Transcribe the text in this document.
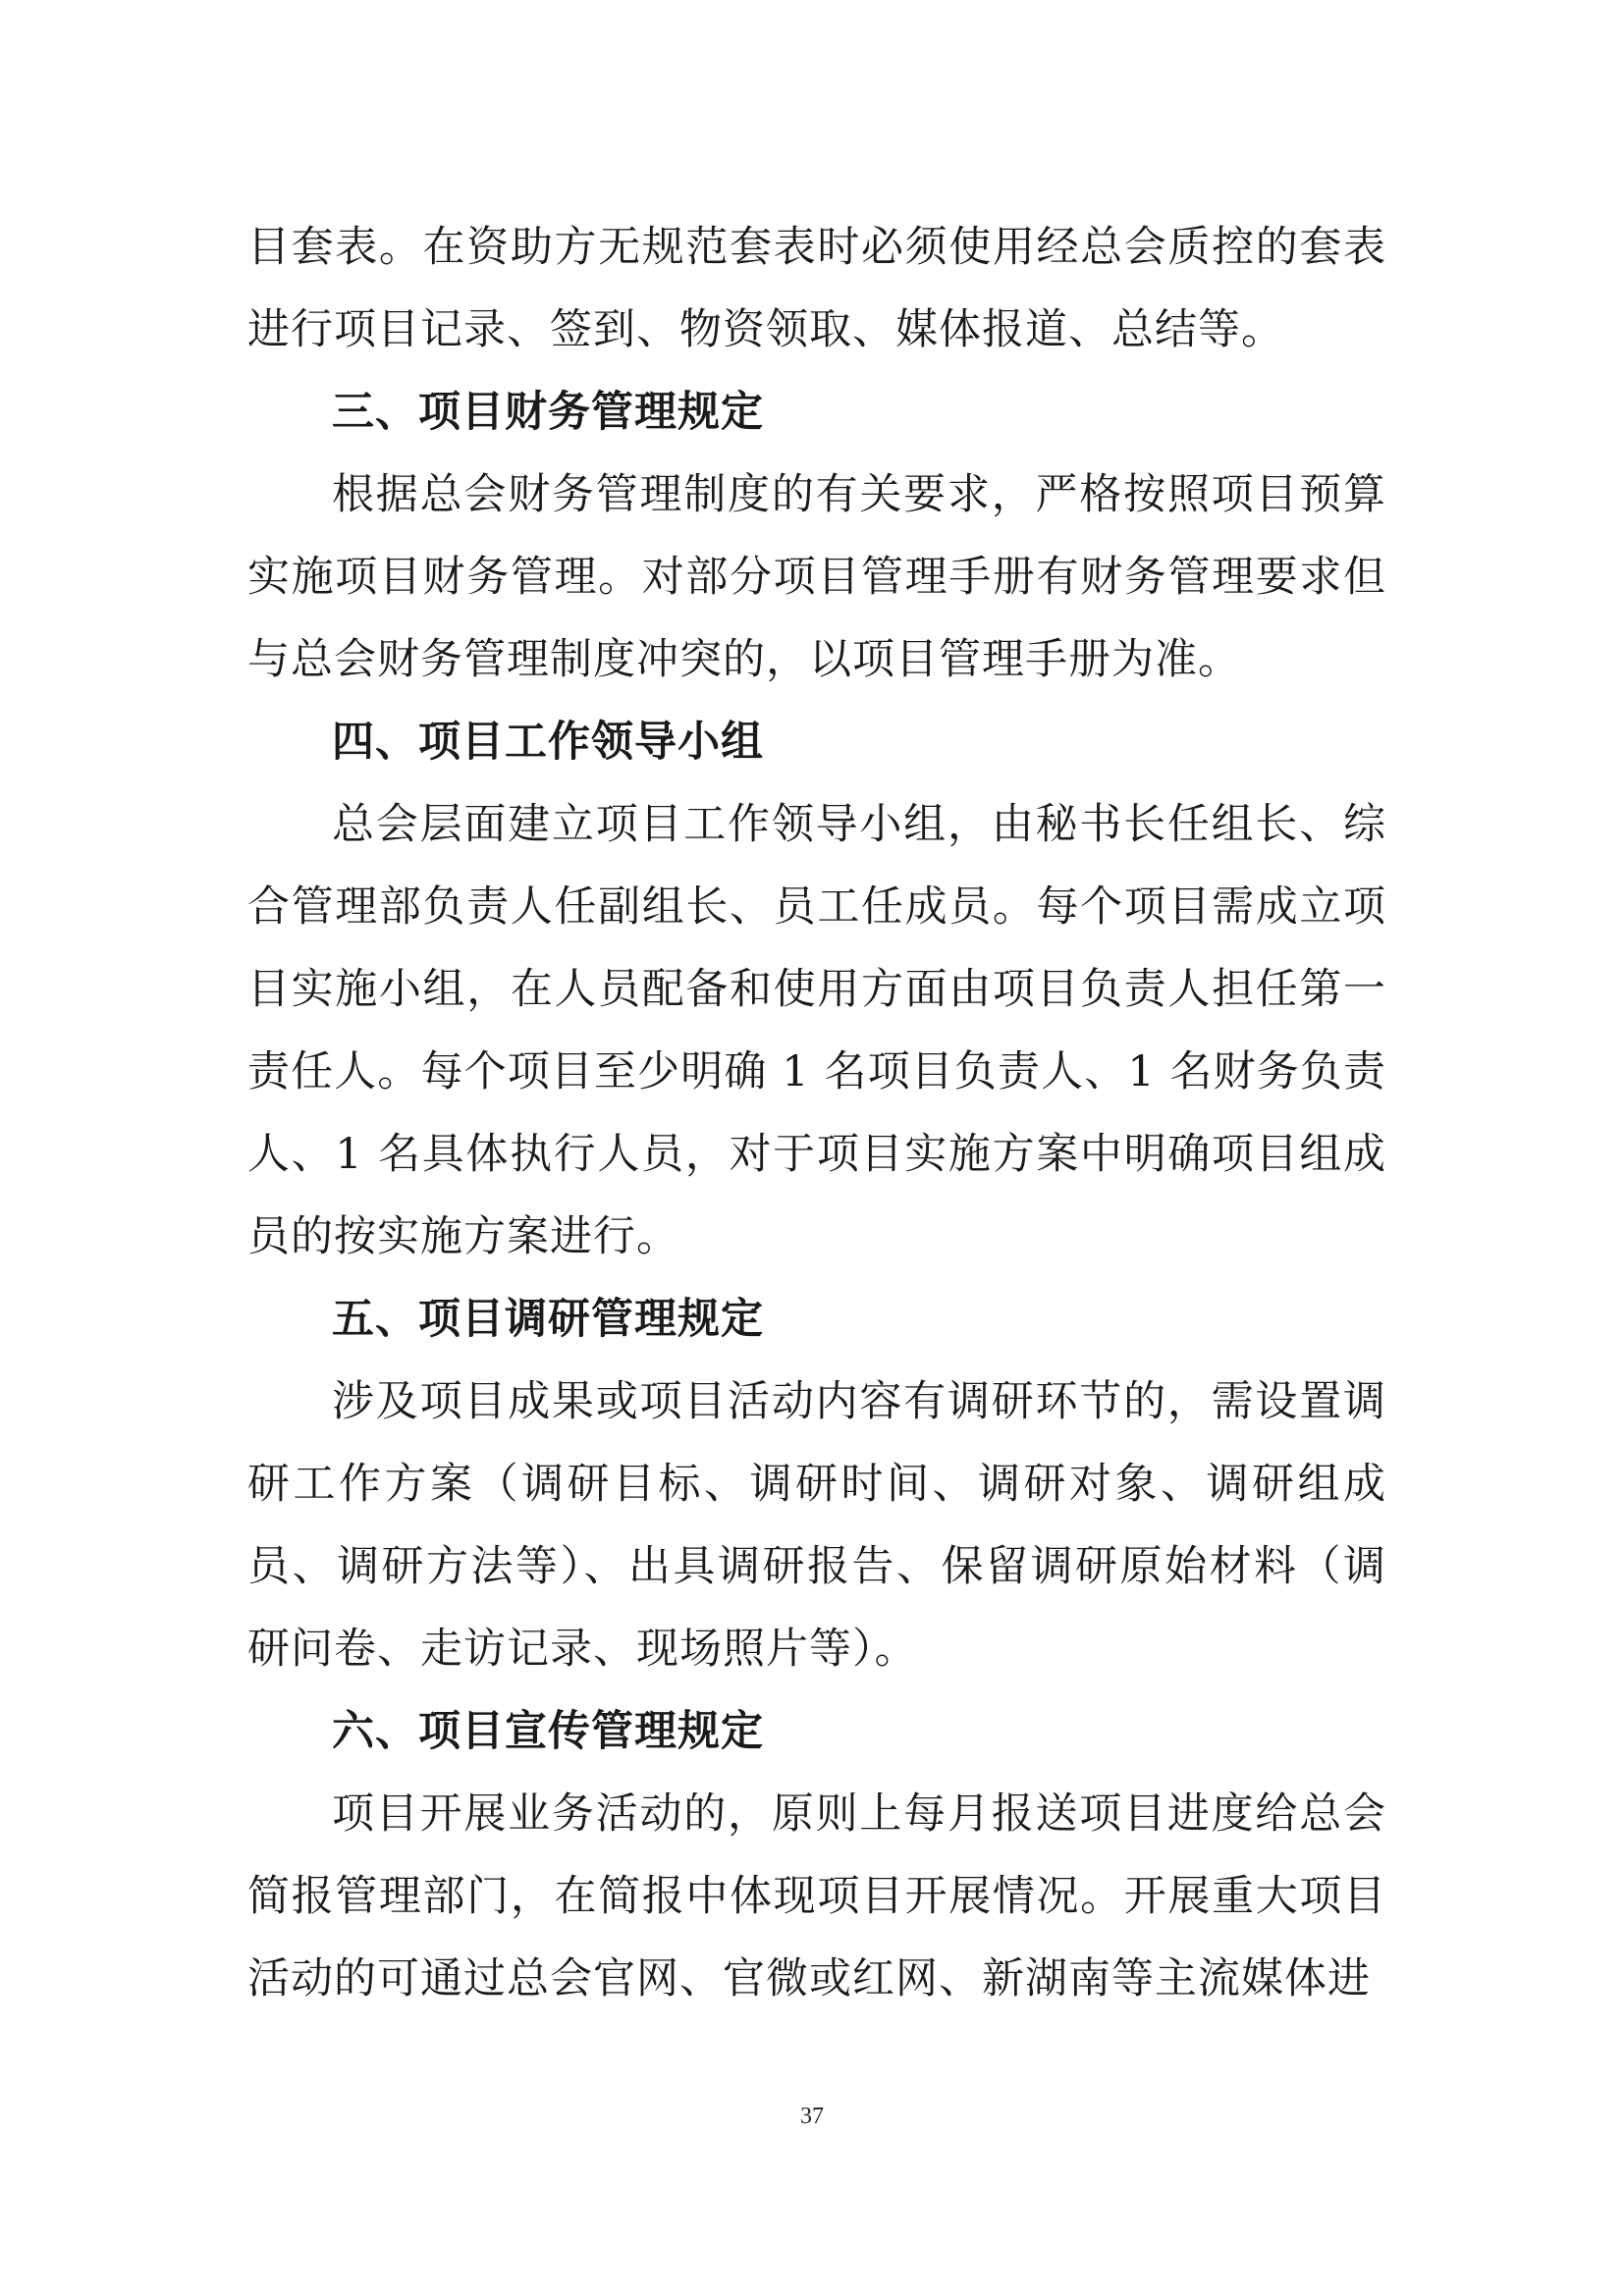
目套表。在资助方无规范套表时必须使用经总会质控的套表进行项目记录、签到、物资领取、媒体报道、总结等。

三、项目财务管理规定

根据总会财务管理制度的有关要求，严格按照项目预算实施项目财务管理。对部分项目管理手册有财务管理要求但与总会财务管理制度冲突的，以项目管理手册为准。

四、项目工作领导小组

总会层面建立项目工作领导小组，由秘书长任组长、综合管理部负责人任副组长、员工任成员。每个项目需成立项目实施小组，在人员配备和使用方面由项目负责人担任第一责任人。每个项目至少明确 1 名项目负责人、1 名财务负责人、1 名具体执行人员，对于项目实施方案中明确项目组成员的按实施方案进行。

五、项目调研管理规定

涉及项目成果或项目活动内容有调研环节的，需设置调研工作方案（调研目标、调研时间、调研对象、调研组成员、调研方法等）、出具调研报告、保留调研原始材料（调研问卷、走访记录、现场照片等）。

六、项目宣传管理规定

项目开展业务活动的，原则上每月报送项目进度给总会简报管理部门，在简报中体现项目开展情况。开展重大项目活动的可通过总会官网、官微或红网、新湖南等主流媒体进

37
